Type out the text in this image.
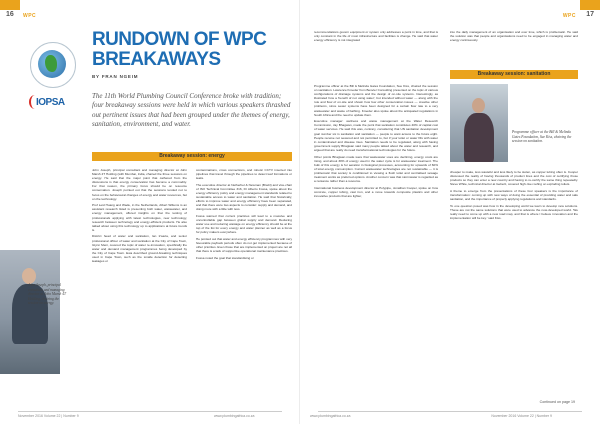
16 WPC
IOPSA
RUNDOWN OF WPC
BREAKAWAYS
BY FRAN NGEIM
The 11th World Plumbing Council Conference broke with tradition; four breakaway sessions were held in which various speakers thrashed out pertinent issues that had been grouped under the themes of energy, sanitation, environment, and water.
Breakaway session: energy
John Joseph, principal consultant and managing director at John Marsh 4T Holding, chairing the session on energy.

John Joseph, principal consultant and managing director at John Marsh 4T Holding (with Mumbai, India, chaired the three sessions on energy. He said that the major point that cathered from the discussions is that energy conservation has become a commodity. For that reason, the primary focus should be on resource conservation. Joseph pointed out that the sessions tended not to focus on the behavioural changes of energy and water resources, but on the technology.

Prof Leid Huang and Wade, in the Netherlands, Albert Willems is an assistant research listed is presenting both water, wastewater, and energy management, offered insights on that the testing of professionals applying with latest technologies, new technology, research between technology and energy-efficient products. He also talked about using this technology up to applications at future trends is.

District head of water and sanitation, Ian Irwaza, and senior professional officer of water and sanitation at the City of Cape Town, Glynn Meni, covered the topic of water re-innovation, specifically the water and demand management programmes being developed by the City of Cape Town. Ewa described ground-breaking techniques used in Cape Town, such as the smalle detection for detecting leakages or

contaminations, cross connections, and robotic CCTV inserted into pipelines that travel through the pipelines to detect leaf formations or leaks.

The executive director at Netherbel & Newman (Brazil) and vice-chair of ISO Technical Committee 316, Dr Alberto Fossa, spoke about the energy efficiency policy and energy management standards related to sustainable access to water and sanitation. He said that historically, efforts to improve water and energy efficiency have been separated, and that there were two aspects to consider: supply and demand, and doing more with a little with less.

Fossa warned that current practices will lead to a massive and uncontrollable gap between global supply and demand. Reducing water use and reducing wastage on energy efficiency should be at the top of the list for every energy and water planner as well as a focus for policy makers everywhere.

He pointed out that water and energy efficiency programmes with very favourable payback periods often do not get implemented because of other priorities. Even those that are implemented on project are not all that there is a lack of supportive operational maintenance practices.

Fossa noted the goal that standardising or

November 2016 Volume 22 | Number 9	www.plumbingafrica.co.za
17
WPC

recommendations govern equipment or system only addresses a point in time, and that is only constant in the life of most infrastructure and facilities is change. He said that water energy efficiency is not integrated

into the daily management of an organisation and over time, which is problematic. He said the solution was that people and organisations need to be engaged in managing water and energy continuously.

Breakaway session: sanitation

Programme officer at the Bill & Melinda Gates Foundation, Sue Kiss, chaired the session on sanitation. Lawrence Kroeder from Besvier Consulting presented on the topic of various configurations of drainage systems and the design of on-site systems. Interestingly, as illustrated how a 'benefit of not using water', but intended without water — along with the role and flow of on-site and shown how few other conservation issues — creative other problems, since sewer systems have been designed for a certain flow rate to a very wastewater and waste of bathing. Kroeder also spoke about the antiquated regulations in South Africa and the need to update them.

Executive manager: wellness and waste management at the Water Research Commission, Jay Bhagwan, made the point that sanitation constitutes 40% of capital cost of water services. He said this was, contrary, considering that UN sanitation development goal number six is sanitation and sanitation — people to want access to the future eight. People receive not sewered and not permitted to, but if your toilet or water fills with water in contaminated and disease rises. Sanitation needs to be regulated, along with having government supply Bhagwan said many people talked about the water and research, and argued that are really do need transformational technologies for the future.

Other points Bhagwan made were that wastewater uses are declining, energy costs are rising, and about 30% of energy used in the water cycle is for wastewater treatment. The bulk of this energy is for aeration in biological processes, accounting for upwards of 60% of total energy consumption. Current wastewater technologies are not sustainable — it is problematic that society is conditioned to viewing a flush toilet and centralised sewage treatment works as preferred options. Another concern was that stormwater is regarded as a nuisance rather than a resource.

International business development director at Polypipe, Jonathan Cooper, spoke on how concrete, copper tubing, cast iron, and a move towards composite plastics and other innovative products that are lighter,

Programme officer at the Bill & Melinda Gates Foundation, Sue Kiss, chairing the session on sanitation.

cheaper to make, less wasteful and less likely to be stolen, as copper tubing often is. Cooper discussed the reality of having thousands of product lines and the cost of certifying those products so they can enter a new country and having to re-certify the same thing repeatedly. Steve White, technical director at Geberit, covered high-rise roofing on exploding toilets.

A theme to emerge from the presentations of these four speakers is the importance of transformation: coming up with new ways of doing the essential of providing water and safe sanitation, and the importance of properly applying regulations and standards.

To one question posed was how in the developing world we learn to develop new solutions. These are not the same solutions that were used to advance the now-developed world. 'We really need to come up with a new road map, and that is where I believe innovation and the implementation will be key.' said Kiss.

Continued on page 19
www.plumbingafrica.co.za	November 2016 Volume 22 | Number 9
